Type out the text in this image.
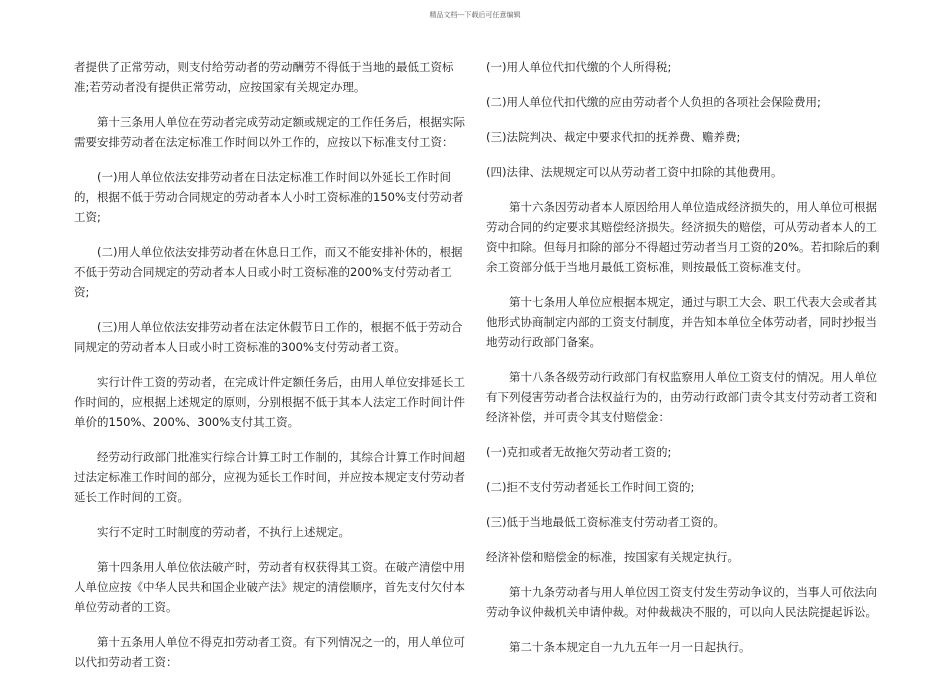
精品文档---下载后可任意编辑

者提供了正常劳动，则支付给劳动者的劳动酬劳不得低于当地的最低工资标准;若劳动者没有提供正常劳动，应按国家有关规定办理。

第十三条用人单位在劳动者完成劳动定额或规定的工作任务后，根据实际需要安排劳动者在法定标准工作时间以外工作的，应按以下标准支付工资：

(一)用人单位依法安排劳动者在日法定标准工作时间以外延长工作时间的，根据不低于劳动合同规定的劳动者本人小时工资标准的150%支付劳动者工资;

(二)用人单位依法安排劳动者在休息日工作，而又不能安排补休的，根据不低于劳动合同规定的劳动者本人日或小时工资标准的200%支付劳动者工资;

(三)用人单位依法安排劳动者在法定休假节日工作的，根据不低于劳动合同规定的劳动者本人日或小时工资标准的300%支付劳动者工资。

实行计件工资的劳动者，在完成计件定额任务后，由用人单位安排延长工作时间的，应根据上述规定的原则，分别根据不低于其本人法定工作时间计件单价的150%、200%、300%支付其工资。

经劳动行政部门批准实行综合计算工时工作制的，其综合计算工作时间超过法定标准工作时间的部分，应视为延长工作时间，并应按本规定支付劳动者延长工作时间的工资。

实行不定时工时制度的劳动者，不执行上述规定。

第十四条用人单位依法破产时，劳动者有权获得其工资。在破产清偿中用人单位应按《中华人民共和国企业破产法》规定的清偿顺序，首先支付欠付本单位劳动者的工资。

第十五条用人单位不得克扣劳动者工资。有下列情况之一的，用人单位可以代扣劳动者工资：

(一)用人单位代扣代缴的个人所得税;

(二)用人单位代扣代缴的应由劳动者个人负担的各项社会保险费用;

(三)法院判决、裁定中要求代扣的抚养费、赡养费;

(四)法律、法规规定可以从劳动者工资中扣除的其他费用。

第十六条因劳动者本人原因给用人单位造成经济损失的，用人单位可根据劳动合同的约定要求其赔偿经济损失。经济损失的赔偿，可从劳动者本人的工资中扣除。但每月扣除的部分不得超过劳动者当月工资的20%。若扣除后的剩余工资部分低于当地月最低工资标准，则按最低工资标准支付。

第十七条用人单位应根据本规定，通过与职工大会、职工代表大会或者其他形式协商制定内部的工资支付制度，并告知本单位全体劳动者，同时抄报当地劳动行政部门备案。

第十八条各级劳动行政部门有权监察用人单位工资支付的情况。用人单位有下列侵害劳动者合法权益行为的，由劳动行政部门责令其支付劳动者工资和经济补偿，并可责令其支付赔偿金：

(一)克扣或者无故拖欠劳动者工资的;

(二)拒不支付劳动者延长工作时间工资的;

(三)低于当地最低工资标准支付劳动者工资的。

经济补偿和赔偿金的标准，按国家有关规定执行。

第十九条劳动者与用人单位因工资支付发生劳动争议的，当事人可依法向劳动争议仲裁机关申请仲裁。对仲裁裁决不服的，可以向人民法院提起诉讼。

第二十条本规定自一九九五年一月一日起执行。
